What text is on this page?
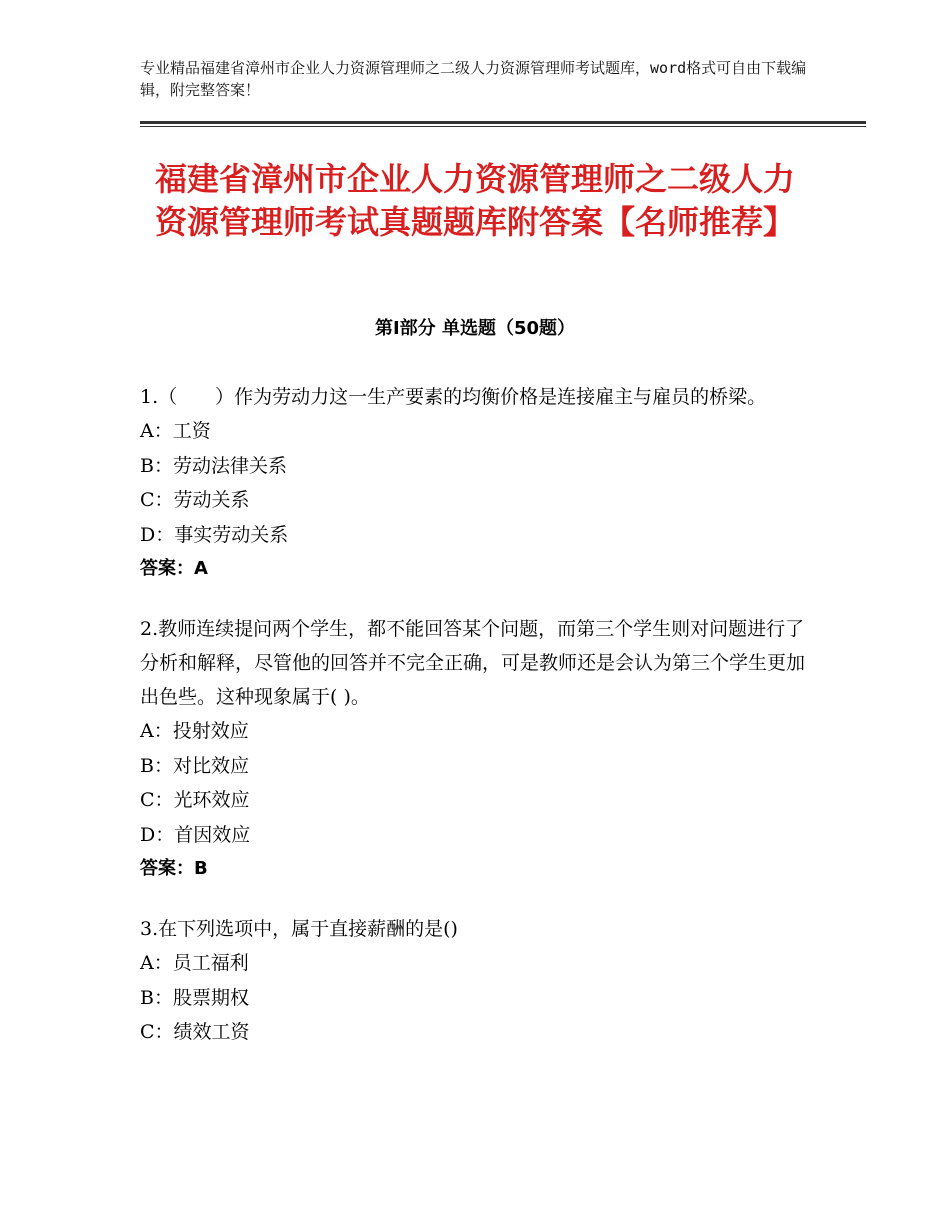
专业精品福建省漳州市企业人力资源管理师之二级人力资源管理师考试题库，word格式可自由下载编辑，附完整答案！
福建省漳州市企业人力资源管理师之二级人力资源管理师考试真题题库附答案【名师推荐】
第Ⅰ部分 单选题（50题）
1.（　　）作为劳动力这一生产要素的均衡价格是连接雇主与雇员的桥梁。
A：工资
B：劳动法律关系
C：劳动关系
D：事实劳动关系
答案：A
2.教师连续提问两个学生，都不能回答某个问题，而第三个学生则对问题进行了分析和解释，尽管他的回答并不完全正确，可是教师还是会认为第三个学生更加出色些。这种现象属于( )。
A：投射效应
B：对比效应
C：光环效应
D：首因效应
答案：B
3.在下列选项中，属于直接薪酬的是()
A：员工福利
B：股票期权
C：绩效工资
